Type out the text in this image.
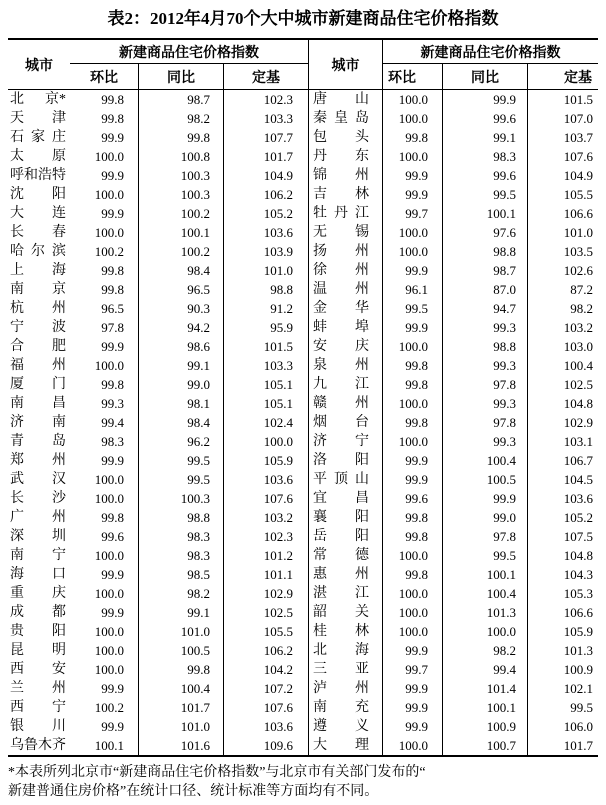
表2：2012年4月70个大中城市新建商品住宅价格指数
城市
新建商品住宅价格指数
城市
新建商品住宅价格指数
环比	同比	定基	环比	同比	定基
北 京*	99.8	98.7	102.3	唐 山	100.0	99.9	101.5
天 津	99.8	98.2	103.3	秦 皇 岛	100.0	99.6	107.0
石 家 庄	99.9	99.8	107.7	包 头	99.8	99.1	103.7
太 原	100.0	100.8	101.7	丹 东	100.0	98.3	107.6
呼 和 浩 特	99.9	100.3	104.9	锦 州	99.9	99.6	104.9
沈 阳	100.0	100.3	106.2	吉 林	99.9	99.5	105.5
大 连	99.9	100.2	105.2	牡 丹 江	99.7	100.1	106.6
长 春	100.0	100.1	103.6	无 锡	100.0	97.6	101.0
哈 尔 滨	100.2	100.2	103.9	扬 州	100.0	98.8	103.5
上 海	99.8	98.4	101.0	徐 州	99.9	98.7	102.6
南 京	99.8	96.5	98.8	温 州	96.1	87.0	87.2
杭 州	96.5	90.3	91.2	金 华	99.5	94.7	98.2
宁 波	97.8	94.2	95.9	蚌 埠	99.9	99.3	103.2
合 肥	99.9	98.6	101.5	安 庆	100.0	98.8	103.0
福 州	100.0	99.1	103.3	泉 州	99.8	99.3	100.4
厦 门	99.8	99.0	105.1	九 江	99.8	97.8	102.5
南 昌	99.3	98.1	105.1	赣 州	100.0	99.3	104.8
济 南	99.4	98.4	102.4	烟 台	99.8	97.8	102.9
青 岛	98.3	96.2	100.0	济 宁	100.0	99.3	103.1
郑 州	99.9	99.5	105.9	洛 阳	99.9	100.4	106.7
武 汉	100.0	99.5	103.6	平 顶 山	99.9	100.5	104.5
长 沙	100.0	100.3	107.6	宜 昌	99.6	99.9	103.6
广 州	99.8	98.8	103.2	襄 阳	99.8	99.0	105.2
深 圳	99.6	98.3	102.3	岳 阳	99.8	97.8	107.5
南 宁	100.0	98.3	101.2	常 德	100.0	99.5	104.8
海 口	99.9	98.5	101.1	惠 州	99.8	100.1	104.3
重 庆	100.0	98.2	102.9	湛 江	100.0	100.4	105.3
成 都	99.9	99.1	102.5	韶 关	100.0	101.3	106.6
贵 阳	100.0	101.0	105.5	桂 林	100.0	100.0	105.9
昆 明	100.0	100.5	106.2	北 海	99.9	98.2	101.3
西 安	100.0	99.8	104.2	三 亚	99.7	99.4	100.9
兰 州	99.9	100.4	107.2	泸 州	99.9	101.4	102.1
西 宁	100.2	101.7	107.6	南 充	99.9	100.1	99.5
银 川	99.9	101.0	103.6	遵 义	99.9	100.9	106.0
乌 鲁 木 齐	100.1	101.6	109.6	大 理	100.0	100.7	101.7
*本表所列北京市“新建商品住宅价格指数”与北京市有关部门发布的“
新建普通住房价格”在统计口径、统计标准等方面均有不同。
